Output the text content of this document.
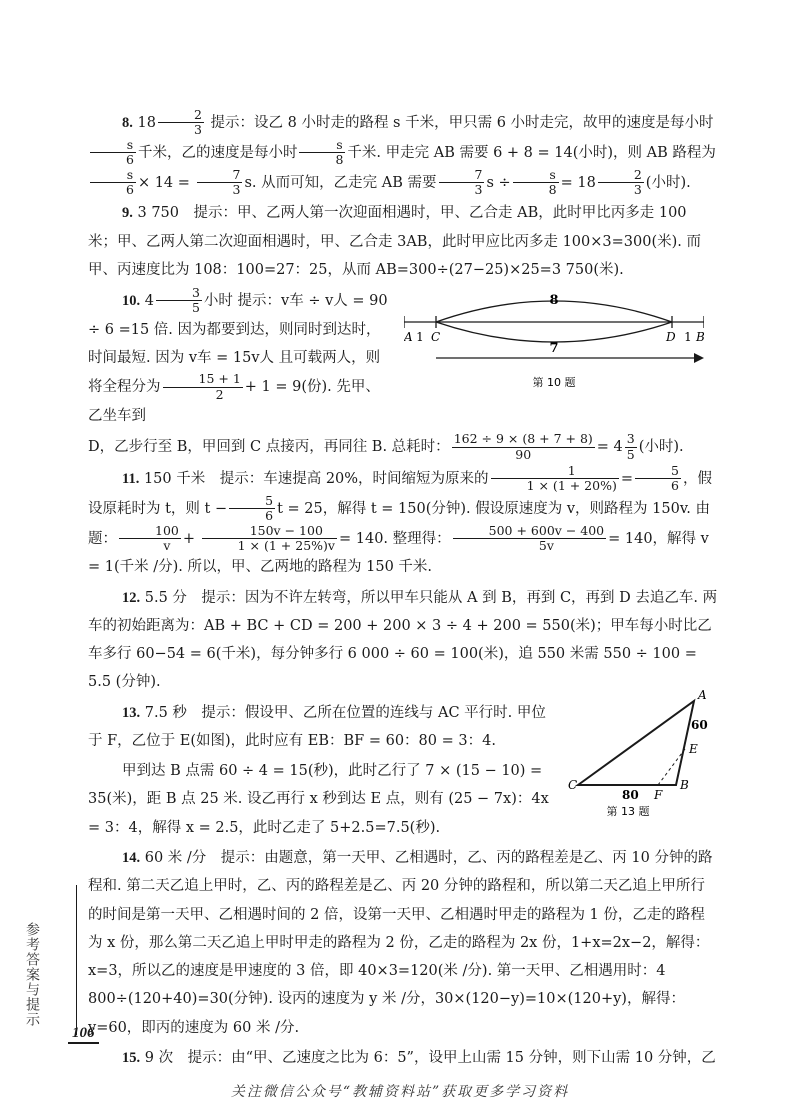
8. $18 \frac{2}{3}$ 提示：设乙 8 小时走的路程 s 千米，甲只需 6 小时走完，故甲的速度是每小时
$\frac{s}{6}$ 千米，乙的速度是每小时 $\frac{s}{8}$ 千米. 甲走完 AB 需要 6 + 8 = 14(小时)，则 AB 路程为
$\frac{s}{6} \times 14 = \frac{7}{3} s$. 从而可知，乙走完 AB 需要 $\frac{7}{3}$ $s \div \frac{s}{8} = 18 \frac{2}{3}$ (小时).

9. 3 750　提示：甲、乙两人第一次迎面相遇时，甲、乙合走 AB，此时甲比丙多走 100 米；甲、乙两人第二次迎面相遇时，甲、乙合走 3AB，此时甲应比丙多走 100×3=300(米). 而甲、丙速度比为 108：100=27：25，从而 AB=300÷(27−25)×25=3 750(米).

10. $4 \frac{3}{5}$ 小时 提示：v车 ÷ v人 = 90 ÷ 6 =15 倍. 因为都要到达，则同时到达时，时间最短. 因为 v车 = 15v人 且可载两人，则将全程分为 $\frac{15 + 1}{2} + 1 = 9$(份). 先甲、乙坐车到
8
7
A 1 C	D 1 B
第 10 题

D，乙步行至 B，甲回到 C 点接丙，再同往 B. 总耗时： $\frac{162 \div 9 \times (8 + 7 + 8)}{90} = 4 \frac{3}{5}$ (小时).

11. 150 千米　提示：车速提高 20%，时间缩短为原来的 $\frac{1}{1 \times (1 + 20\%)} = \frac{5}{6}$ ，假设原耗时为 t，则 $t - \frac{5}{6}$ t = 25，解得 t = 150(分钟). 假设原速度为 v，则路程为 150v. 由题： $\frac{100}{v} + \frac{150v - 100}{1 \times (1 + 25\%)v} = 140$. 整理得： $\frac{500 + 600v - 400}{5v} = 140$，解得 v = 1(千米 /分). 所以，甲、乙两地的路程为 150 千米.

12. 5.5 分　提示：因为不许左转弯，所以甲车只能从 A 到 B，再到 C，再到 D 去追乙车. 两车的初始距离为：AB + BC + CD = 200 + 200 × 3 ÷ 4 + 200 = 550(米)；甲车每小时比乙车多行 60−54 = 6(千米)，每分钟多行 6 000 ÷ 60 = 100(米)，追 550 米需 550 ÷ 100 = 5.5 (分钟).

13. 7.5 秒　提示：假设甲、乙所在位置的连线与 AC 平行时. 甲位于 F，乙位于 E(如图)，此时应有 EB：BF = 60：80 = 3：4.

甲到达 B 点需 60 ÷ 4 = 15(秒)，此时乙行了 7 × (15 − 10) = 35(米)，距 B 点 25 米. 设乙再行 x 秒到达 E 点，则有 (25 − 7x)：4x = 3：4，解得 x = 2.5，此时乙走了 5+2.5=7.5(秒).

A
E
C
F
B
60
80
第 13 题

14. 60 米 /分　提示：由题意，第一天甲、乙相遇时，乙、丙的路程差是乙、丙 10 分钟的路程和. 第二天乙追上甲时，乙、丙的路程差是乙、丙 20 分钟的路程和，所以第二天乙追上甲所行的时间是第一天甲、乙相遇时间的 2 倍，设第一天甲、乙相遇时甲走的路程为 1 份，乙走的路程为 x 份，那么第二天乙追上甲时甲走的路程为 2 份，乙走的路程为 2x 份，1+x=2x−2，解得：x=3，所以乙的速度是甲速度的 3 倍，即 40×3=120(米 /分). 第一天甲、乙相遇用时：4 800÷(120+40)=30(分钟). 设丙的速度为 y 米 /分，30×(120−y)=10×(120+y)，解得：y=60，即丙的速度为 60 米 /分.

15. 9 次　提示：由“甲、乙速度之比为 6：5”，设甲上山需 15 分钟，则下山需 10 分钟，乙

参考答案与提示
106
关注微信公众号“教辅资料站”获取更多学习资料
